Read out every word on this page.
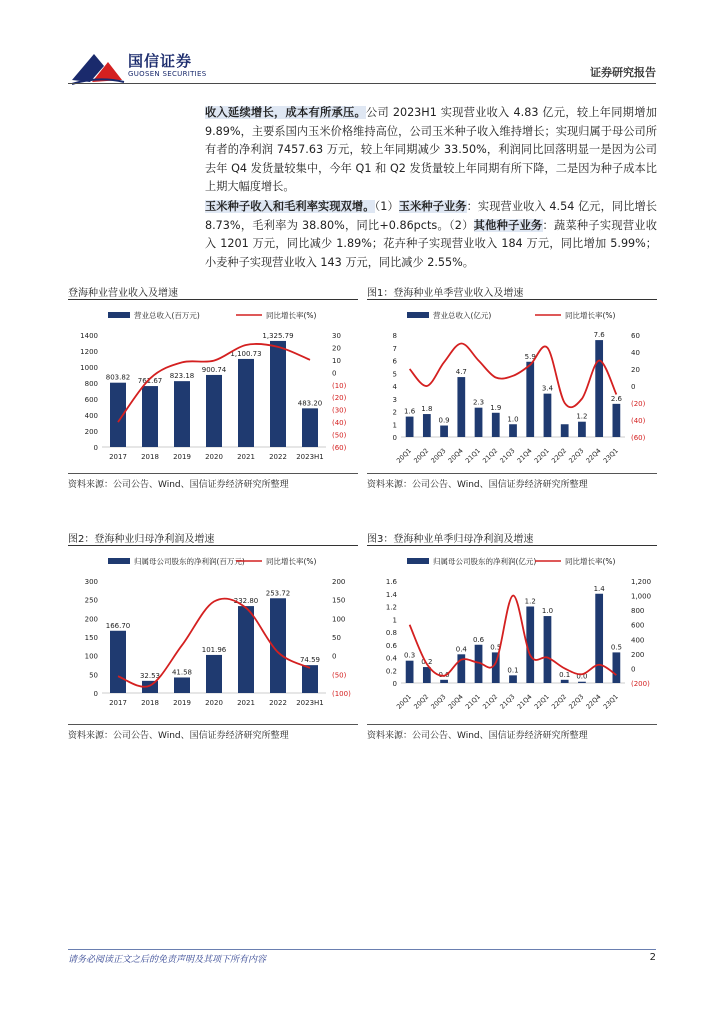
国信证券
GUOSEN SECURITIES	证券研究报告
收入延续增长，成本有所承压。公司 2023H1 实现营业收入 4.83 亿元，较上年同期增加 9.89%，主要系国内玉米价格维持高位，公司玉米种子收入维持增长；实现归属于母公司所有者的净利润 7457.63 万元，较上年同期减少 33.50%，利润同比回落明显一是因为公司去年 Q4 发货量较集中，今年 Q1 和 Q2 发货量较上年同期有所下降，二是因为种子成本比上期大幅度增长。
玉米种子收入和毛利率实现双增。（1）玉米种子业务：实现营业收入 4.54 亿元，同比增长 8.73%，毛利率为 38.80%，同比+0.86pcts。（2）其他种子业务：蔬菜种子实现营业收入 1201 万元，同比减少 1.89%；花卉种子实现营业收入 184 万元，同比增加 5.99%；小麦种子实现营业收入 143 万元，同比减少 2.55%。
登海种业营业收入及增速
营业总收入(百万元)	同比增长率(%)
0
200
400
600
800
1000
1200
1400
(60)
(50)
(40)
(30)
(20)
(10)
0
10
20
30
803.82 761.67
823.18
900.74
1,100.73
1,325.79
483.20
2017 2018 2019 2020 2021 2022 2023H1
资料来源：公司公告、Wind、国信证券经济研究所整理
图1：登海种业单季营业收入及增速
营业总收入(亿元)	同比增长率(%)
0
1
2
3
4
5
6
7
8
(60)
(40)
(20)
0
20
40
60
1.6 1.8
0.9
4.7
2.3
1.9
1.0
5.9
3.4
1.2
7.6
2.6
20Q1 20Q2 20Q3 20Q4 21Q1 21Q2 21Q3 21Q4 22Q1 22Q2 22Q3 22Q4 23Q1
资料来源：公司公告、Wind、国信证券经济研究所整理
图2：登海种业归母净利润及增速
归属母公司股东的净利润(百万元)	同比增长率(%)
0
50
100
150
200
250
300
(100)
(50)
0
50
100
150
200
166.70
32.53 41.58
101.96
232.80
253.72
74.59
2017 2018 2019 2020 2021 2022 2023H1
资料来源：公司公告、Wind、国信证券经济研究所整理
图3：登海种业单季归母净利润及增速
归属母公司股东的净利润(亿元)	同比增长率(%)
0
0.2
0.4
0.6
0.8
1
1.2
1.4
1.6
(200)
0
200
400
600
800
1,000
1,200
0.3
0.2
0.0
0.4
0.6
0.5
0.1
1.2
1.0
0.1 0.0
1.4
0.5
20Q1 20Q2 20Q3 20Q4 21Q1 21Q2 21Q3 21Q4 22Q1 22Q2 22Q3 22Q4 23Q1
资料来源：公司公告、Wind、国信证券经济研究所整理
请务必阅读正文之后的免责声明及其项下所有内容	2
